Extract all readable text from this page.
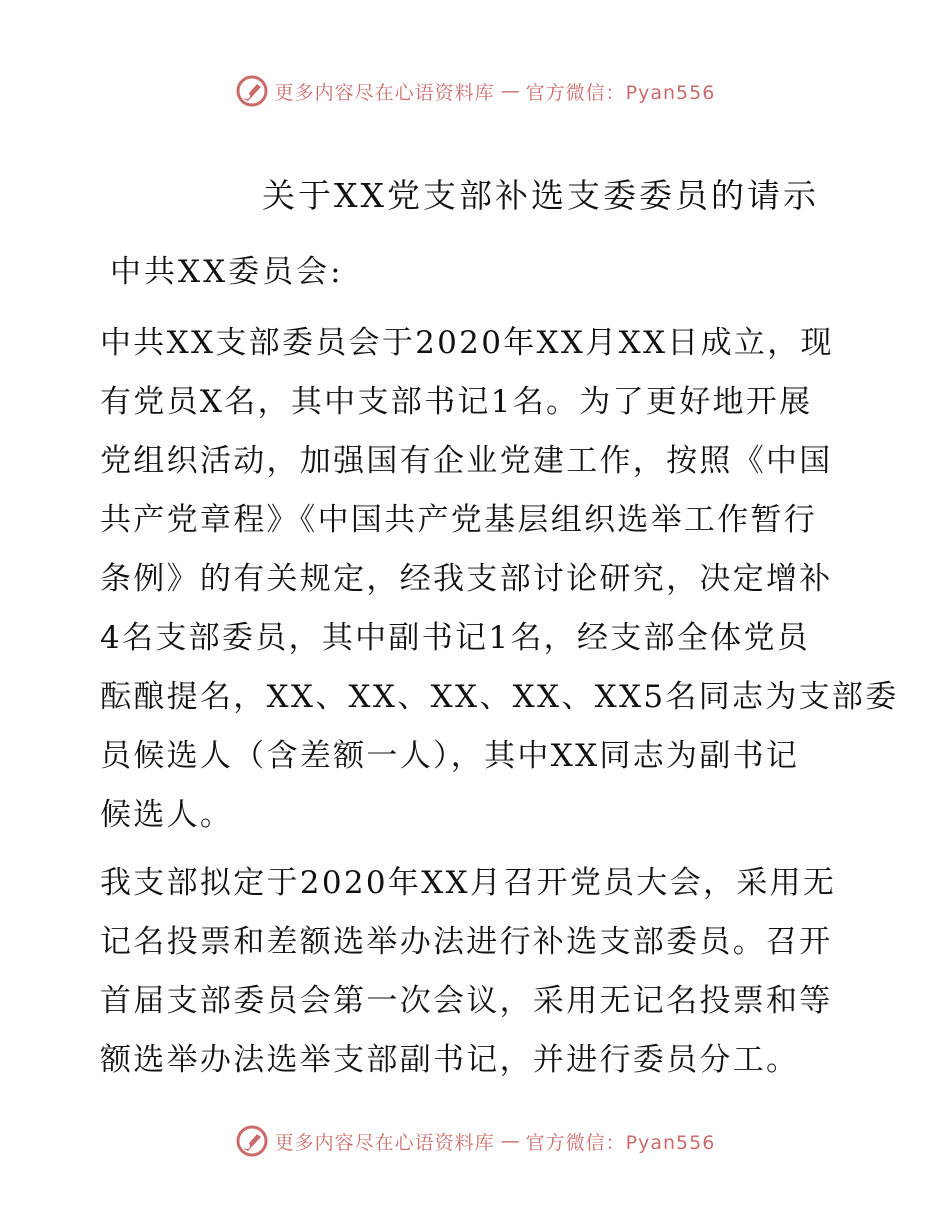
更多内容尽在心语资料库 — 官方微信：Pyan556
关于XX党支部补选支委委员的请示
中共XX委员会:
中共XX支部委员会于2020年XX月XX日成立，现
有党员X名，其中支部书记1名。为了更好地开展
党组织活动，加强国有企业党建工作，按照《中国
共产党章程》《中国共产党基层组织选举工作暂行
条例》的有关规定，经我支部讨论研究，决定增补
4名支部委员，其中副书记1名，经支部全体党员
酝酿提名，XX、XX、XX、XX、XX5名同志为支部委
员候选人（含差额一人），其中XX同志为副书记
候选人。
我支部拟定于2020年XX月召开党员大会，采用无
记名投票和差额选举办法进行补选支部委员。召开
首届支部委员会第一次会议，采用无记名投票和等
额选举办法选举支部副书记，并进行委员分工。
更多内容尽在心语资料库 — 官方微信：Pyan556
